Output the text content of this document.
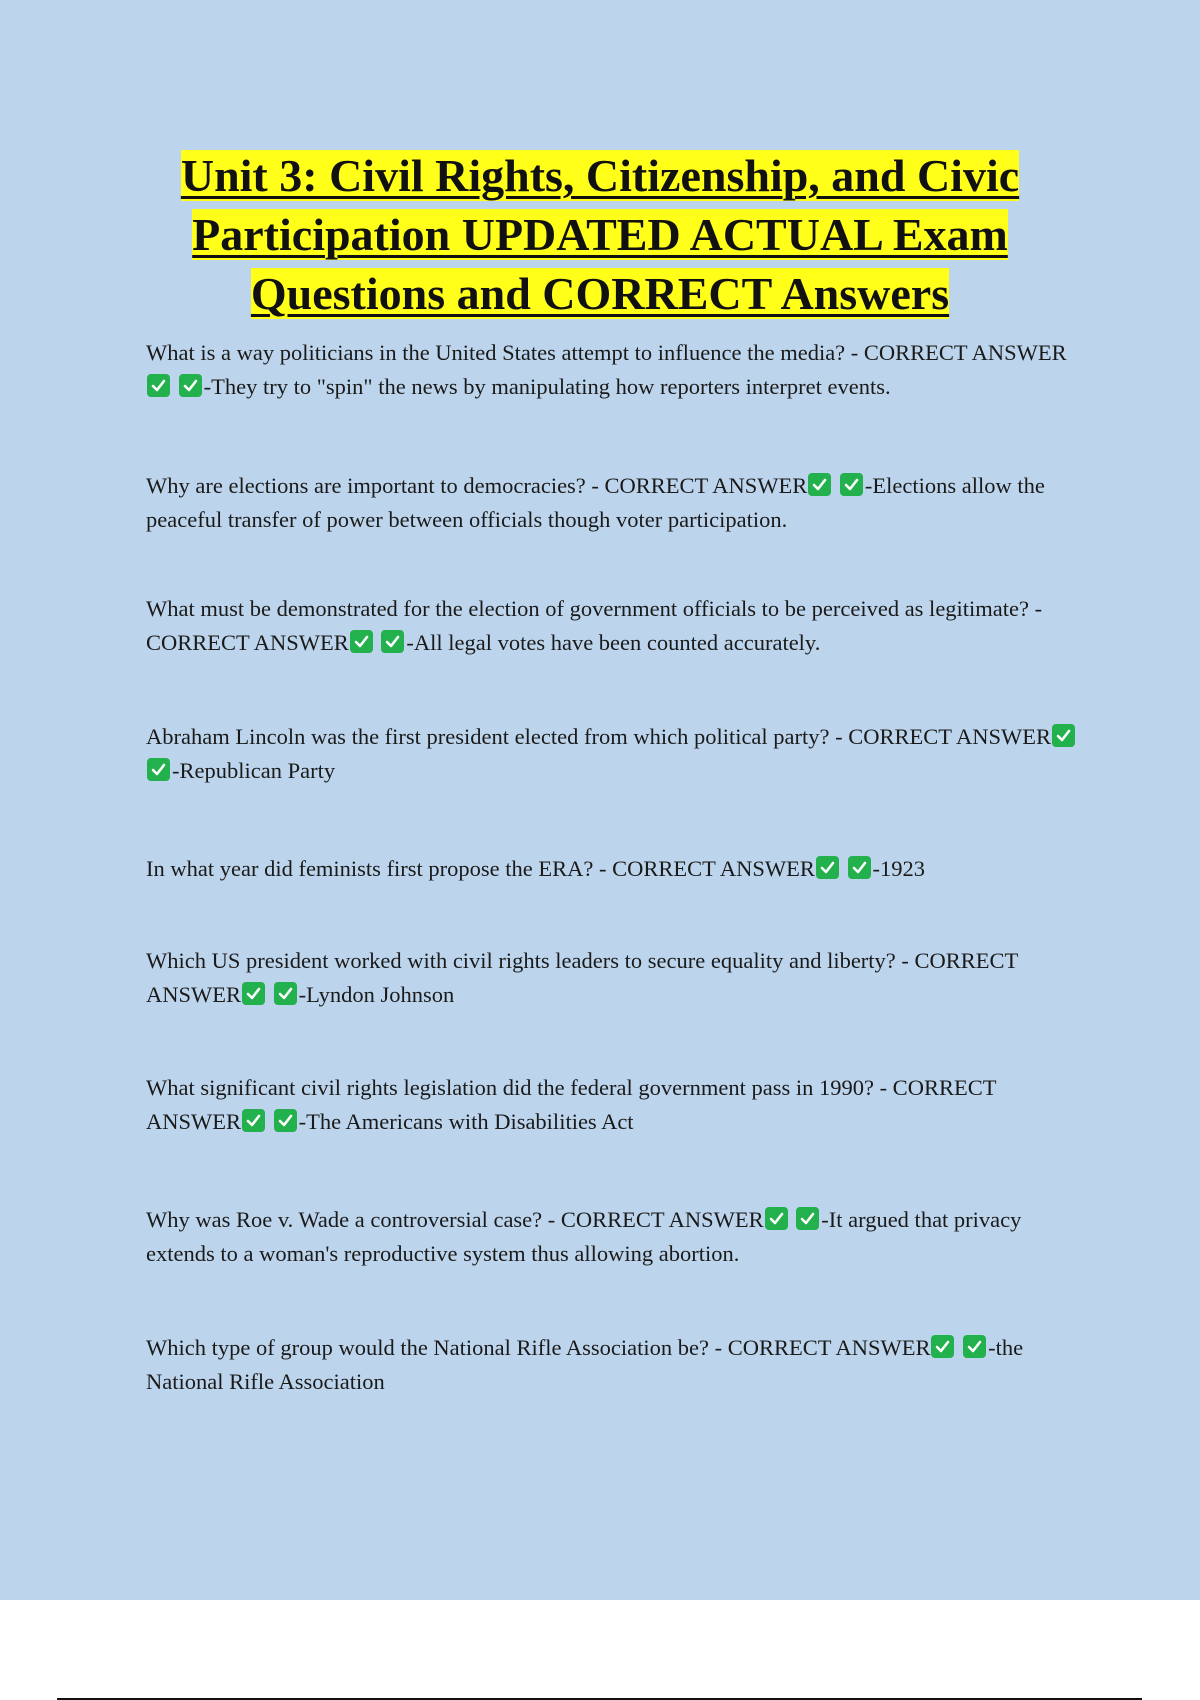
Unit 3: Civil Rights, Citizenship, and Civic Participation UPDATED ACTUAL Exam Questions and CORRECT Answers

What is a way politicians in the United States attempt to influence the media? - CORRECT ANSWER

-They try to "spin" the news by manipulating how reporters interpret events.

Why are elections are important to democracies? - CORRECT ANSWER
	-Elections allow the peaceful transfer of power between officials though voter participation.

What must be demonstrated for the election of government officials to be perceived as legitimate? - CORRECT ANSWER
	-All legal votes have been counted accurately.

Abraham Lincoln was the first president elected from which political party? - CORRECT ANSWER

-Republican Party

In what year did feminists first propose the ERA? - CORRECT ANSWER
	-1923

Which US president worked with civil rights leaders to secure equality and liberty? - CORRECT ANSWER
	-Lyndon Johnson

What significant civil rights legislation did the federal government pass in 1990? - CORRECT ANSWER
	-The Americans with Disabilities Act

Why was Roe v. Wade a controversial case? - CORRECT ANSWER
	-It argued that privacy extends to a woman's reproductive system thus allowing abortion.

Which type of group would the National Rifle Association be? - CORRECT ANSWER
	-the National Rifle Association
